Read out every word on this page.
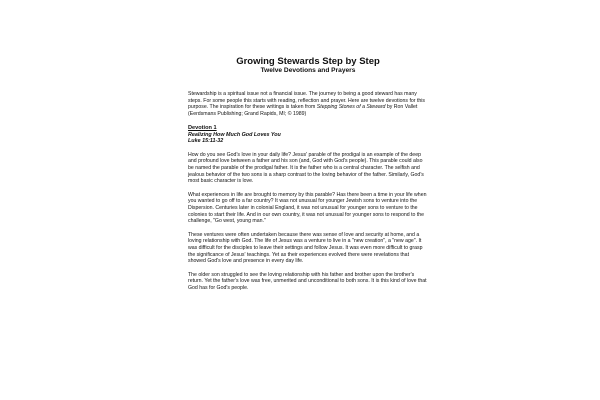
Growing Stewards Step by Step
Twelve Devotions and Prayers

Stewardship is a spiritual issue not a financial issue. The journey to being a good steward has many steps. For some people this starts with reading, reflection and prayer. Here are twelve devotions for this purpose. The inspiration for these writings is taken from Stepping Stones of a Steward by Ron Vallet (Eerdsmans Publishing; Grand Rapids, MI; © 1989)

Devotion 1
Realizing How Much God Loves You
Luke 15:11-32

How do you see God's love in your daily life? Jesus' parable of the prodigal is an example of the deep and profound love between a father and his son (and, God with God's people). This parable could also be named the parable of the prodigal father. It is the father who is a central character. The selfish and jealous behavior of the two sons is a sharp contrast to the loving behavior of the father. Similarly, God's most basic character is love.

What experiences in life are brought to memory by this parable? Has there been a time in your life when you wanted to go off to a far country? It was not unusual for younger Jewish sons to venture into the Dispersion. Centuries later in colonial England, it was not unusual for younger sons to venture to the colonies to start their life. And in our own country, it was not unusual for younger sons to respond to the challenge, "Go west, young man."

These ventures were often undertaken because there was sense of love and security at home, and a loving relationship with God. The life of Jesus was a venture to live in a "new creation", a "new age". It was difficult for the disciples to leave their settings and follow Jesus. It was even more difficult to grasp the significance of Jesus' teachings. Yet as their experiences evolved there were revelations that showed God's love and presence in every day life.

The older son struggled to see the loving relationship with his father and brother upon the brother's return. Yet the father's love was free, unmerited and unconditional to both sons. It is this kind of love that God has for God's people.
